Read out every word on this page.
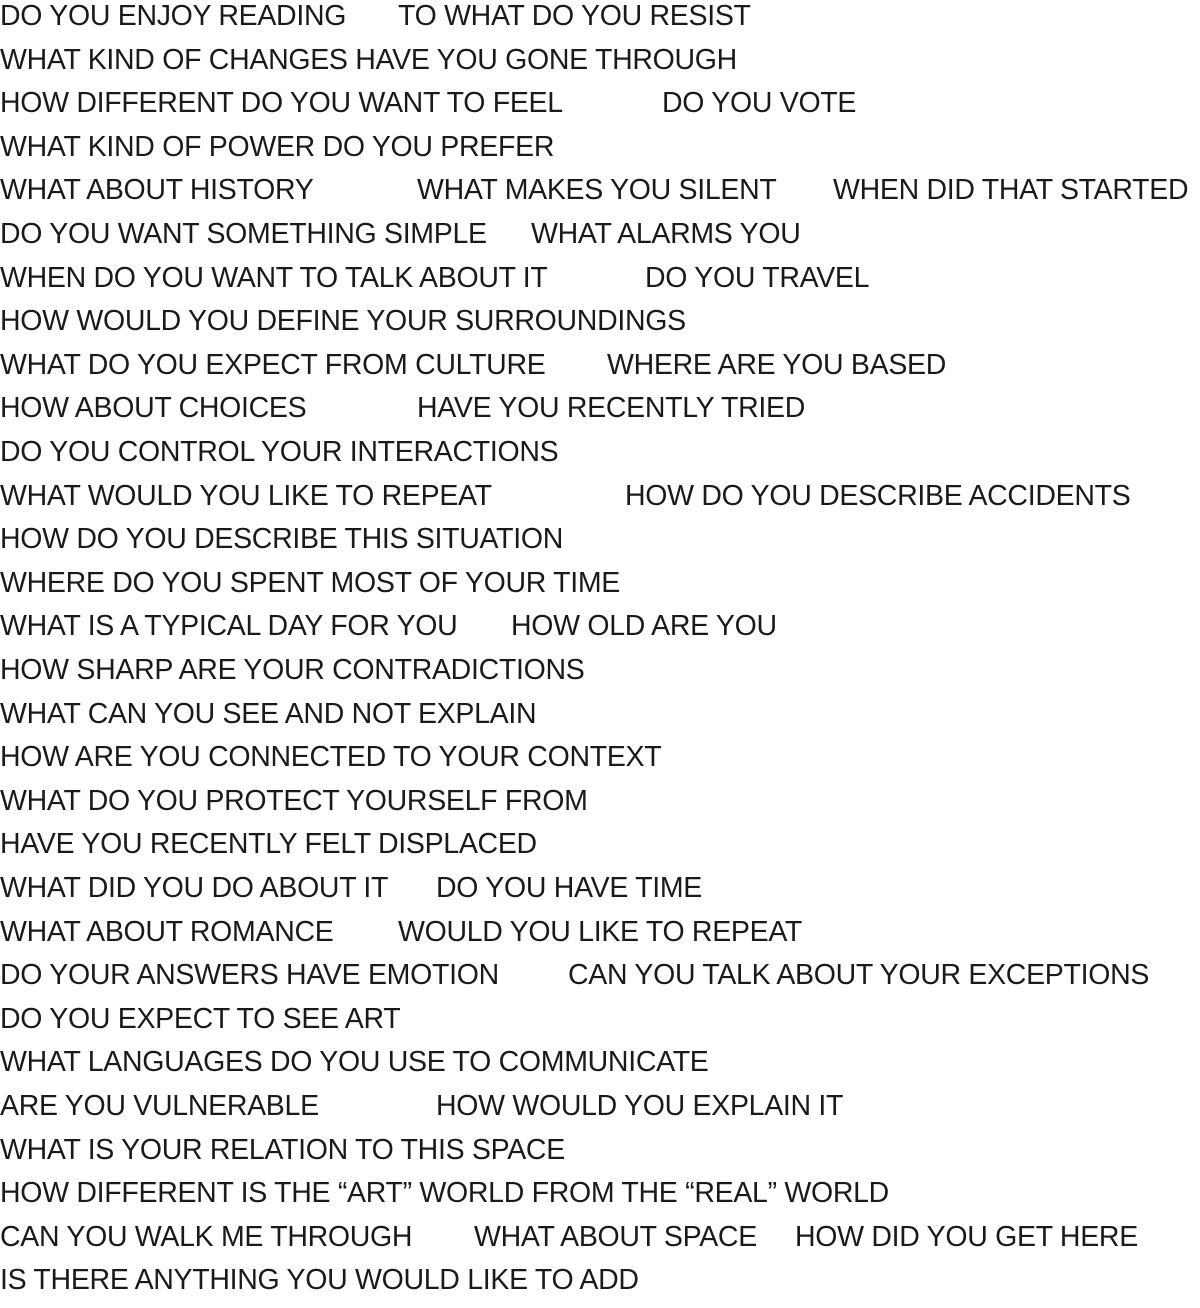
DO YOU ENJOY READING TO WHAT DO YOU RESIST
WHAT KIND OF CHANGES HAVE YOU GONE THROUGH
HOW DIFFERENT DO YOU WANT TO FEEL	DO YOU VOTE
WHAT KIND OF POWER DO YOU PREFER
WHAT ABOUT HISTORY	WHAT MAKES YOU SILENT WHEN DID THAT STARTED
DO YOU WANT SOMETHING SIMPLE WHAT ALARMS YOU
WHEN DO YOU WANT TO TALK ABOUT IT	DO YOU TRAVEL
HOW WOULD YOU DEFINE YOUR SURROUNDINGS
WHAT DO YOU EXPECT FROM CULTURE WHERE ARE YOU BASED
HOW ABOUT CHOICES	HAVE YOU RECENTLY TRIED
DO YOU CONTROL YOUR INTERACTIONS
WHAT WOULD YOU LIKE TO REPEAT	HOW DO YOU DESCRIBE ACCIDENTS
HOW DO YOU DESCRIBE THIS SITUATION
WHERE DO YOU SPENT MOST OF YOUR TIME
WHAT IS A TYPICAL DAY FOR YOU HOW OLD ARE YOU
HOW SHARP ARE YOUR CONTRADICTIONS
WHAT CAN YOU SEE AND NOT EXPLAIN
HOW ARE YOU CONNECTED TO YOUR CONTEXT
WHAT DO YOU PROTECT YOURSELF FROM
HAVE YOU RECENTLY FELT DISPLACED
WHAT DID YOU DO ABOUT IT DO YOU HAVE TIME
WHAT ABOUT ROMANCE WOULD YOU LIKE TO REPEAT
DO YOUR ANSWERS HAVE EMOTION CAN YOU TALK ABOUT YOUR EXCEPTIONS
DO YOU EXPECT TO SEE ART
WHAT LANGUAGES DO YOU USE TO COMMUNICATE
ARE YOU VULNERABLE	HOW WOULD YOU EXPLAIN IT
WHAT IS YOUR RELATION TO THIS SPACE
HOW DIFFERENT IS THE “ART” WORLD FROM THE “REAL” WORLD
CAN YOU WALK ME THROUGH WHAT ABOUT SPACE HOW DID YOU GET HERE
IS THERE ANYTHING YOU WOULD LIKE TO ADD
